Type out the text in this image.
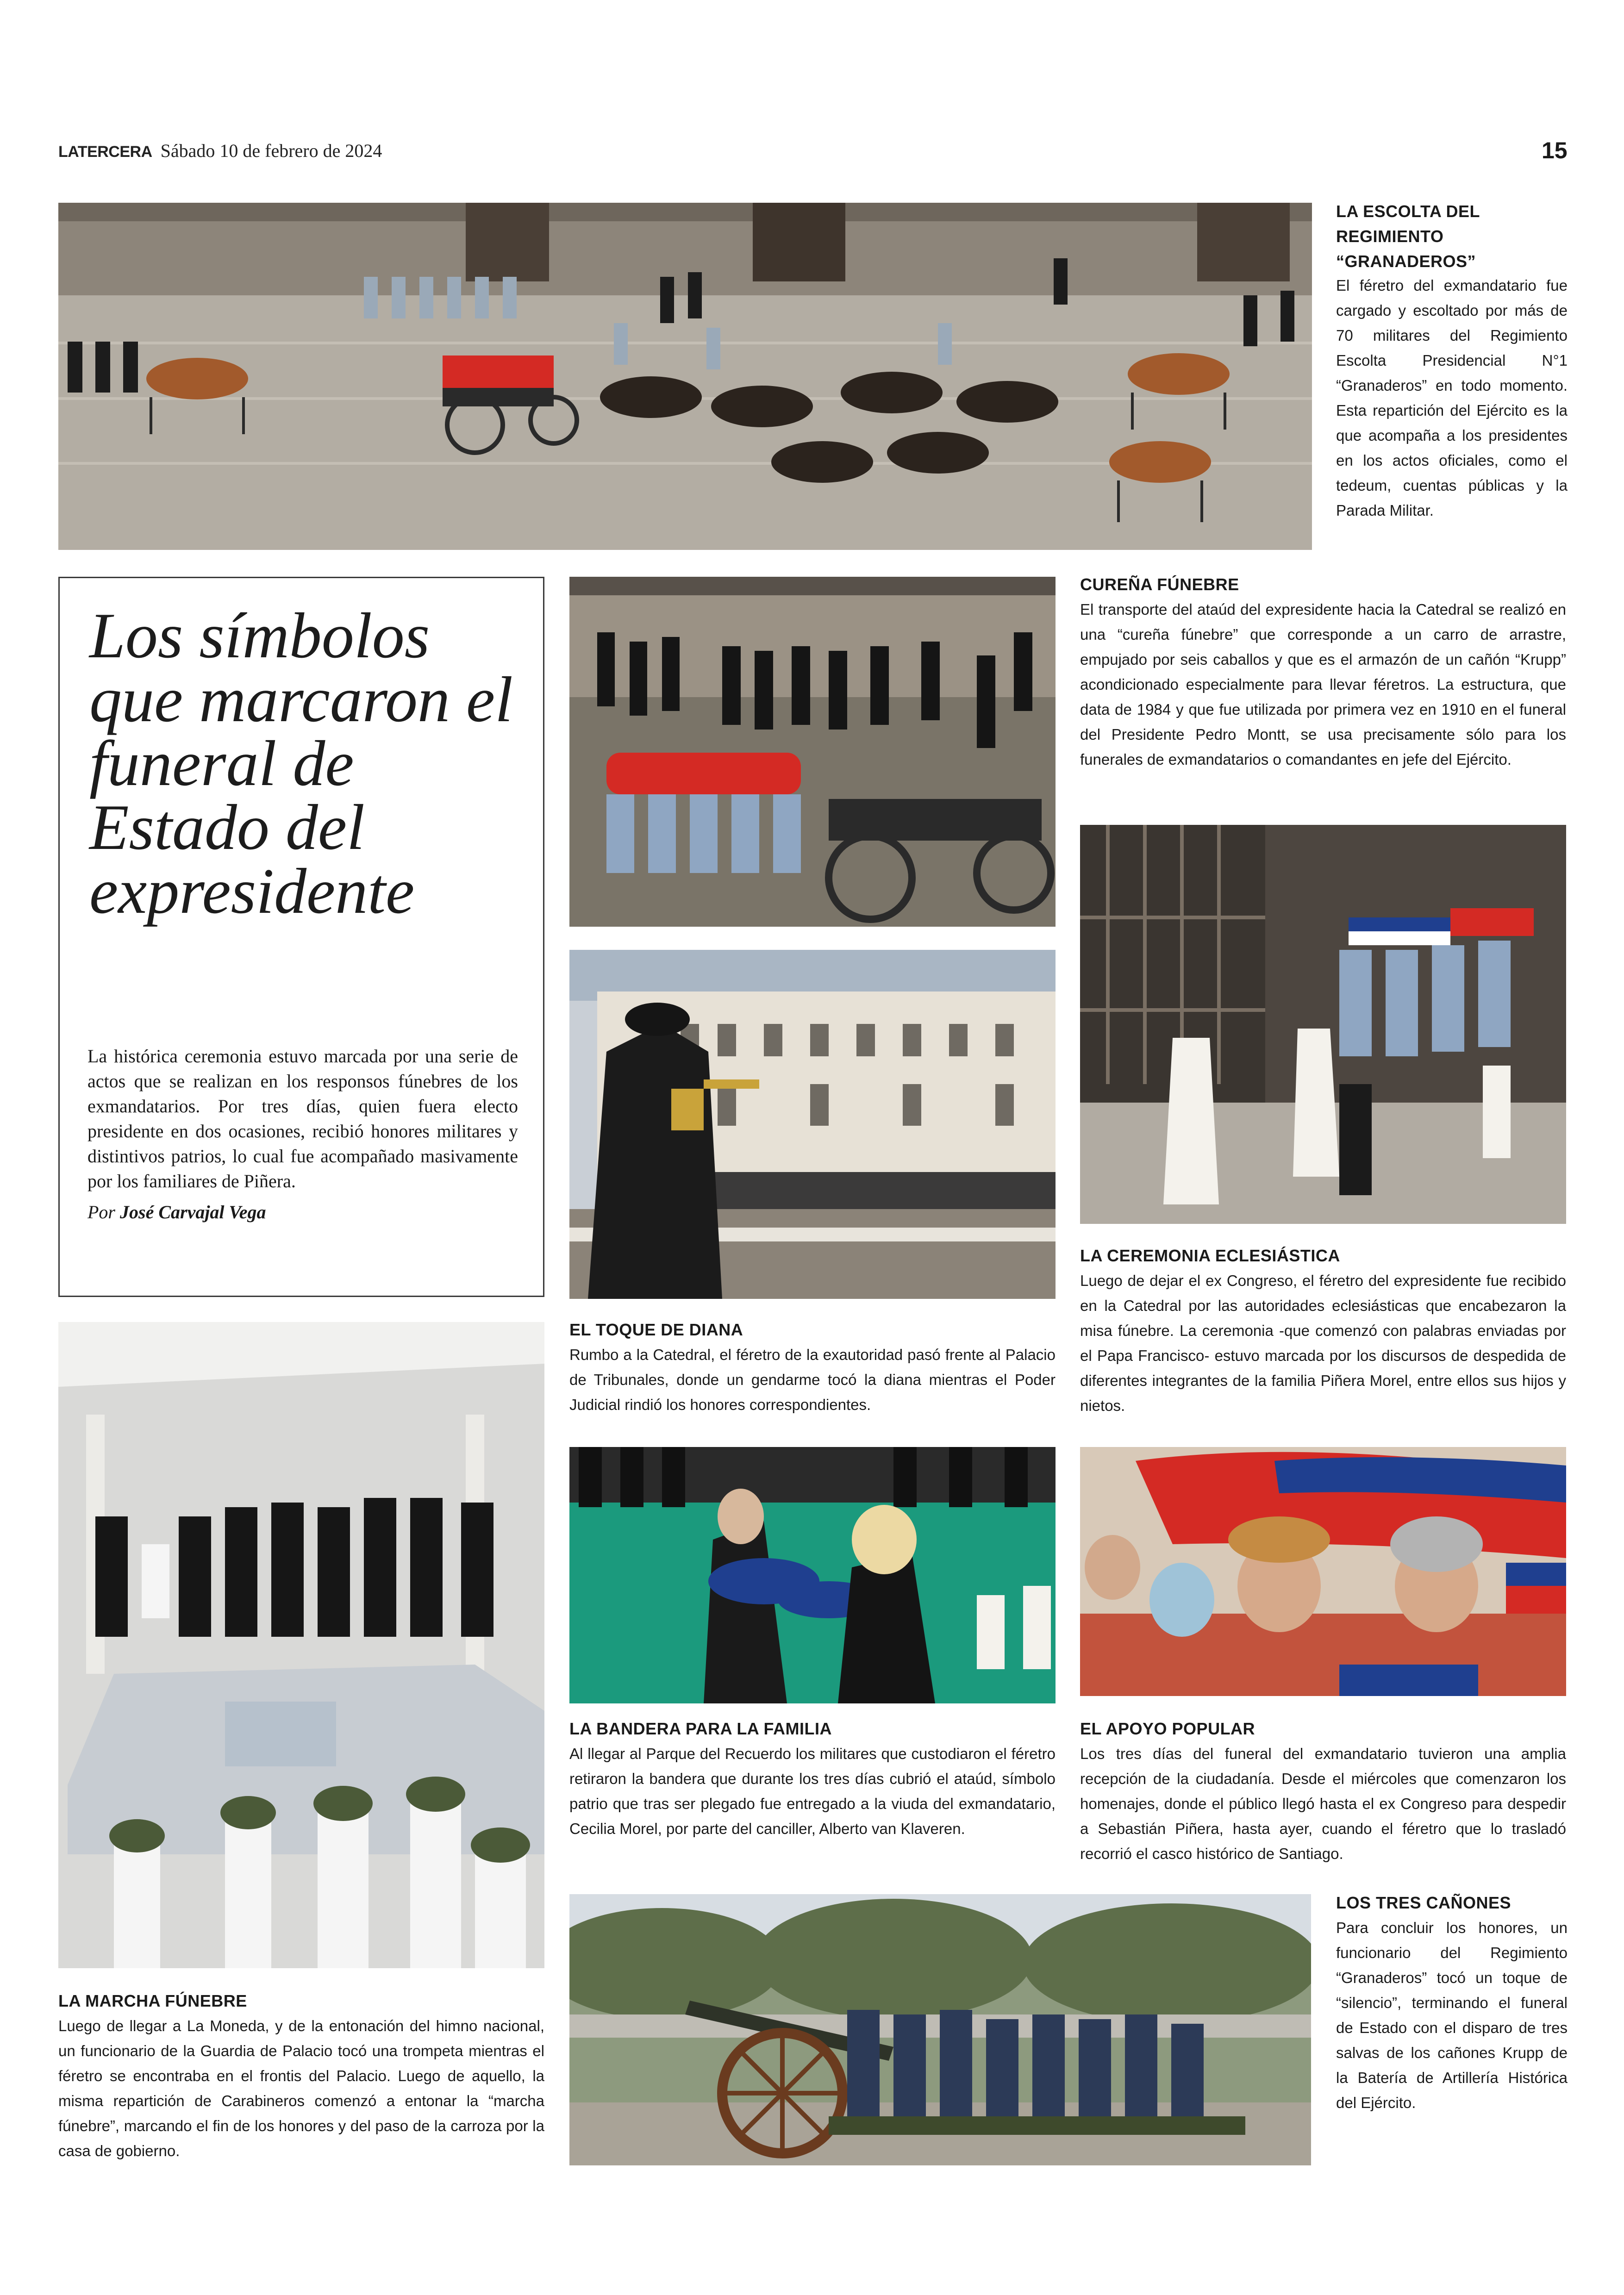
LATERCERA Sábado 10 de febrero de 2024	15
LA ESCOLTA DEL REGIMIENTO “GRANADEROS”
El féretro del exmandatario fue cargado y escoltado por más de 70 militares del Regimiento Escolta Presidencial N°1 “Granaderos” en todo momento. Esta repartición del Ejército es la que acompaña a los presidentes en los actos oficiales, como el tedeum, cuentas públicas y la Parada Militar.
Los símbolos que marcaron el funeral de Estado del expresidente
La histórica ceremonia estuvo marcada por una serie de actos que se realizan en los responsos fúnebres de los exmandatarios. Por tres días, quien fuera electo presidente en dos ocasiones, recibió honores militares y distintivos patrios, lo cual fue acompañado masivamente por los familiares de Piñera.
Por José Carvajal Vega
CUREÑA FÚNEBRE
El transporte del ataúd del expresidente hacia la Catedral se realizó en una “cureña fúnebre” que corresponde a un carro de arrastre, empujado por seis caballos y que es el armazón de un cañón “Krupp” acondicionado especialmente para llevar féretros. La estructura, que data de 1984 y que fue utilizada por primera vez en 1910 en el funeral del Presidente Pedro Montt, se usa precisamente sólo para los funerales de exmandatarios o comandantes en jefe del Ejército.
EL TOQUE DE DIANA
Rumbo a la Catedral, el féretro de la exautoridad pasó frente al Palacio de Tribunales, donde un gendarme tocó la diana mientras el Poder Judicial rindió los honores correspondientes.
LA CEREMONIA ECLESIÁSTICA
Luego de dejar el ex Congreso, el féretro del expresidente fue recibido en la Catedral por las autoridades eclesiásticas que encabezaron la misa fúnebre. La ceremonia -que comenzó con palabras enviadas por el Papa Francisco- estuvo marcada por los discursos de despedida de diferentes integrantes de la familia Piñera Morel, entre ellos sus hijos y nietos.
LA MARCHA FÚNEBRE
Luego de llegar a La Moneda, y de la entonación del himno nacional, un funcionario de la Guardia de Palacio tocó una trompeta mientras el féretro se encontraba en el frontis del Palacio. Luego de aquello, la misma repartición de Carabineros comenzó a entonar la “marcha fúnebre”, marcando el fin de los honores y del paso de la carroza por la casa de gobierno.
LA BANDERA PARA LA FAMILIA
Al llegar al Parque del Recuerdo los militares que custodiaron el féretro retiraron la bandera que durante los tres días cubrió el ataúd, símbolo patrio que tras ser plegado fue entregado a la viuda del exmandatario, Cecilia Morel, por parte del canciller, Alberto van Klaveren.
EL APOYO POPULAR
Los tres días del funeral del exmandatario tuvieron una amplia recepción de la ciudadanía. Desde el miércoles que comenzaron los homenajes, donde el público llegó hasta el ex Congreso para despedir a Sebastián Piñera, hasta ayer, cuando el féretro que lo trasladó recorrió el casco histórico de Santiago.
LOS TRES CAÑONES
Para concluir los honores, un funcionario del Regimiento “Granaderos” tocó un toque de “silencio”, terminando el funeral de Estado con el disparo de tres salvas de los cañones Krupp de la Batería de Artillería Histórica del Ejército.
